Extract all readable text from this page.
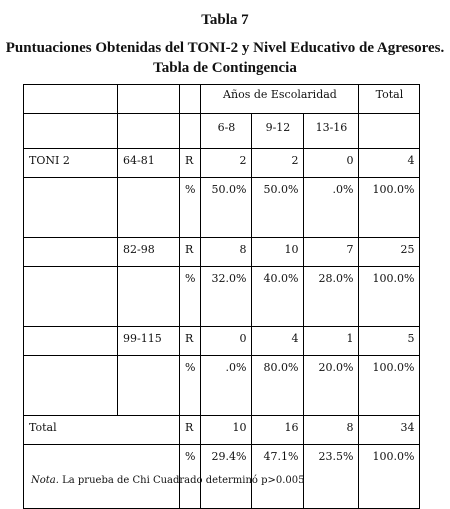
Tabla 7
Puntuaciones Obtenidas del TONI-2 y Nivel Educativo de Agresores.
Tabla de Contingencia
			Años de Escolaridad			Total
			6-8	9-12	13-16	
TONI 2	64-81	R	2	2	0	4
		%	50.0%	50.0%	.0%	100.0%
	82-98	R	8	10	7	25
		%	32.0%	40.0%	28.0%	100.0%
	99-115	R	0	4	1	5
		%	.0%	80.0%	20.0%	100.0%
Total		R	10	16	8	34
		%	29.4%	47.1%	23.5%	100.0%
Nota. La prueba de Chi Cuadrado determinó p>0.005
